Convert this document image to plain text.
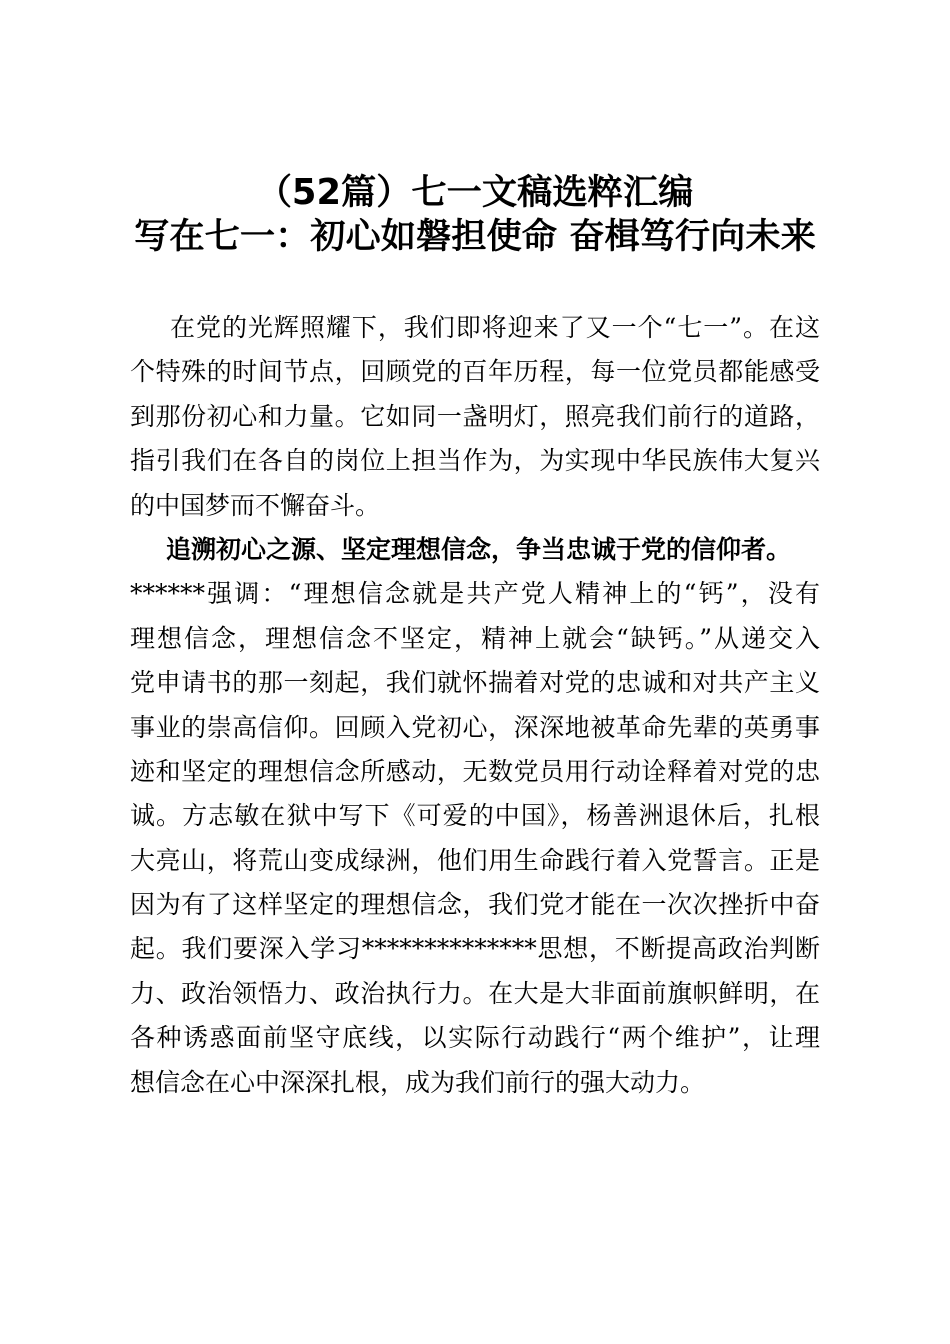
（52篇）七一文稿选粹汇编
写在七一：初心如磐担使命 奋楫笃行向未来

在党的光辉照耀下，我们即将迎来了又一个“七一”。在这
个特殊的时间节点，回顾党的百年历程，每一位党员都能感受
到那份初心和力量。它如同一盏明灯，照亮我们前行的道路，
指引我们在各自的岗位上担当作为，为实现中华民族伟大复兴
的中国梦而不懈奋斗。

追溯初心之源、坚定理想信念，争当忠诚于党的信仰者。

******强调：“理想信念就是共产党人精神上的“钙”，没有
理想信念，理想信念不坚定，精神上就会“缺钙。”从递交入
党申请书的那一刻起，我们就怀揣着对党的忠诚和对共产主义
事业的崇高信仰。回顾入党初心，深深地被革命先辈的英勇事
迹和坚定的理想信念所感动，无数党员用行动诠释着对党的忠
诚。方志敏在狱中写下《可爱的中国》，杨善洲退休后，扎根
大亮山，将荒山变成绿洲，他们用生命践行着入党誓言。正是
因为有了这样坚定的理想信念，我们党才能在一次次挫折中奋
起。我们要深入学习**************思想，不断提高政治判断
力、政治领悟力、政治执行力。在大是大非面前旗帜鲜明，在
各种诱惑面前坚守底线，以实际行动践行“两个维护”，让理
想信念在心中深深扎根，成为我们前行的强大动力。
